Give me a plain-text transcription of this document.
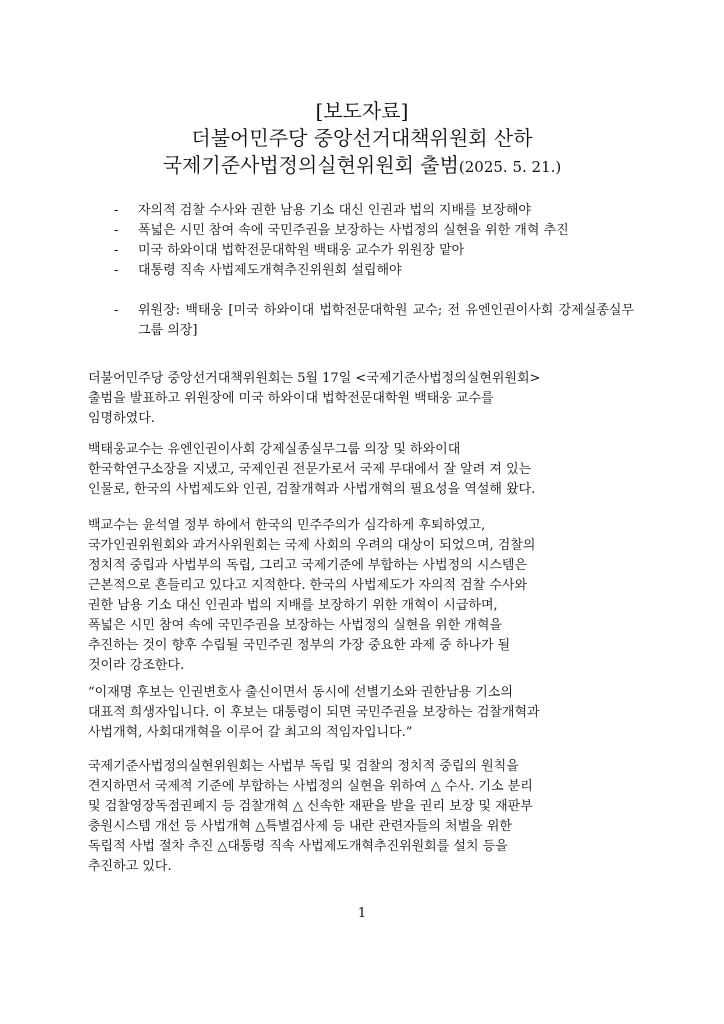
[보도자료]
더불어민주당 중앙선거대책위원회 산하
국제기준사법정의실현위원회 출범(2025. 5. 21.)
- 자의적 검찰 수사와 권한 남용 기소 대신 인권과 법의 지배를 보장해야
- 폭넓은 시민 참여 속에 국민주권을 보장하는 사법정의 실현을 위한 개혁 추진
- 미국 하와이대 법학전문대학원 백태웅 교수가 위원장 맡아
- 대통령 직속 사법제도개혁추진위원회 설립해야
- 위원장: 백태웅 [미국 하와이대 법학전문대학원 교수; 전 유엔인권이사회 강제실종실무그룹 의장]
더불어민주당 중앙선거대책위원회는 5월 17일 <국제기준사법정의실현위원회>
출범을 발표하고 위원장에 미국 하와이대 법학전문대학원 백태웅 교수를
임명하였다.
백태웅교수는 유엔인권이사회 강제실종실무그룹 의장 및 하와이대
한국학연구소장을 지냈고, 국제인권 전문가로서 국제 무대에서 잘 알려 져 있는
인물로, 한국의 사법제도와 인권, 검찰개혁과 사법개혁의 필요성을 역설해 왔다.
백교수는 윤석열 정부 하에서 한국의 민주주의가 심각하게 후퇴하였고,
국가인권위원회와 과거사위원회는 국제 사회의 우려의 대상이 되었으며, 검찰의
정치적 중립과 사법부의 독립, 그리고 국제기준에 부합하는 사법정의 시스템은
근본적으로 흔들리고 있다고 지적한다. 한국의 사법제도가 자의적 검찰 수사와
권한 남용 기소 대신 인권과 법의 지배를 보장하기 위한 개혁이 시급하며,
폭넓은 시민 참여 속에 국민주권을 보장하는 사법정의 실현을 위한 개혁을
추진하는 것이 향후 수립될 국민주권 정부의 가장 중요한 과제 중 하나가 될
것이라 강조한다.
“이재명 후보는 인권변호사 출신이면서 동시에 선별기소와 권한남용 기소의
대표적 희생자입니다. 이 후보는 대통령이 되면 국민주권을 보장하는 검찰개혁과
사법개혁, 사회대개혁을 이루어 갈 최고의 적임자입니다.”
국제기준사법정의실현위원회는 사법부 독립 및 검찰의 정치적 중립의 원칙을
견지하면서 국제적 기준에 부합하는 사법정의 실현을 위하여 △ 수사. 기소 분리
및 검찰영장독점권폐지 등 검찰개혁 △ 신속한 재판을 받을 권리 보장 및 재판부
충원시스템 개선 등 사법개혁 △특별검사제 등 내란 관련자들의 처벌을 위한
독립적 사법 절차 추진 △대통령 직속 사법제도개혁추진위원회를 설치 등을
추진하고 있다.
1
